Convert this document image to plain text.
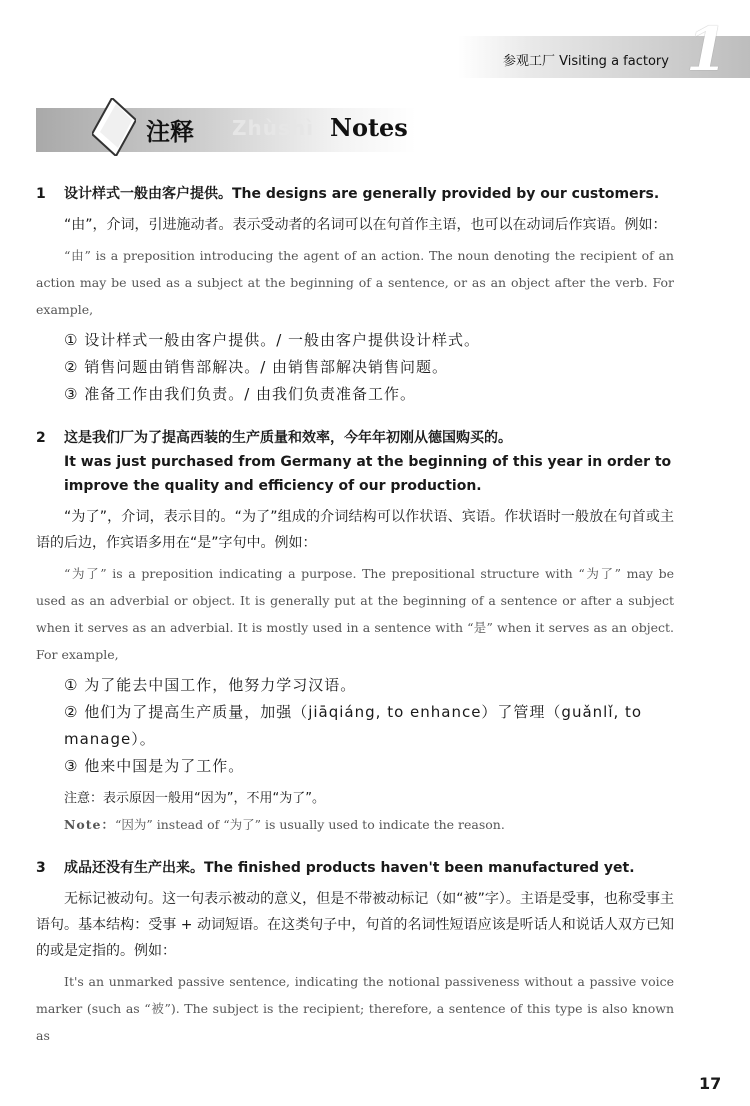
参观工厂 Visiting a factory 1
注释 Zhùshì Notes
1	设计样式一般由客户提供。The designs are generally provided by our customers.

“由”，介词，引进施动者。表示受动者的名词可以在句首作主语，也可以在动词后作宾语。例如：

“由” is a preposition introducing the agent of an action. The noun denoting the recipient of an action may be used as a subject at the beginning of a sentence, or as an object after the verb. For example,

① 设计样式一般由客户提供。/ 一般由客户提供设计样式。
② 销售问题由销售部解决。/ 由销售部解决销售问题。
③ 准备工作由我们负责。/ 由我们负责准备工作。
2	这是我们厂为了提高西装的生产质量和效率，今年年初刚从德国购买的。
It was just purchased from Germany at the beginning of this year in order to improve the quality and efficiency of our production.

“为了”，介词，表示目的。“为了”组成的介词结构可以作状语、宾语。作状语时一般放在句首或主语的后边，作宾语多用在“是”字句中。例如：

“为了” is a preposition indicating a purpose. The prepositional structure with “为了” may be used as an adverbial or object. It is generally put at the beginning of a sentence or after a subject when it serves as an adverbial. It is mostly used in a sentence with “是” when it serves as an object. For example,

① 为了能去中国工作，他努力学习汉语。
② 他们为了提高生产质量，加强（jiāqiáng, to enhance）了管理（guǎnlǐ, to manage）。
③ 他来中国是为了工作。
注意：表示原因一般用“因为”，不用“为了”。
Note：“因为” instead of “为了” is usually used to indicate the reason.
3	成品还没有生产出来。The finished products haven't been manufactured yet.

无标记被动句。这一句表示被动的意义，但是不带被动标记（如“被”字）。主语是受事，也称受事主语句。基本结构：受事 + 动词短语。在这类句子中，句首的名词性短语应该是听话人和说话人双方已知的或是定指的。例如：

It's an unmarked passive sentence, indicating the notional passiveness without a passive voice marker (such as “被”). The subject is the recipient; therefore, a sentence of this type is also known as

17
